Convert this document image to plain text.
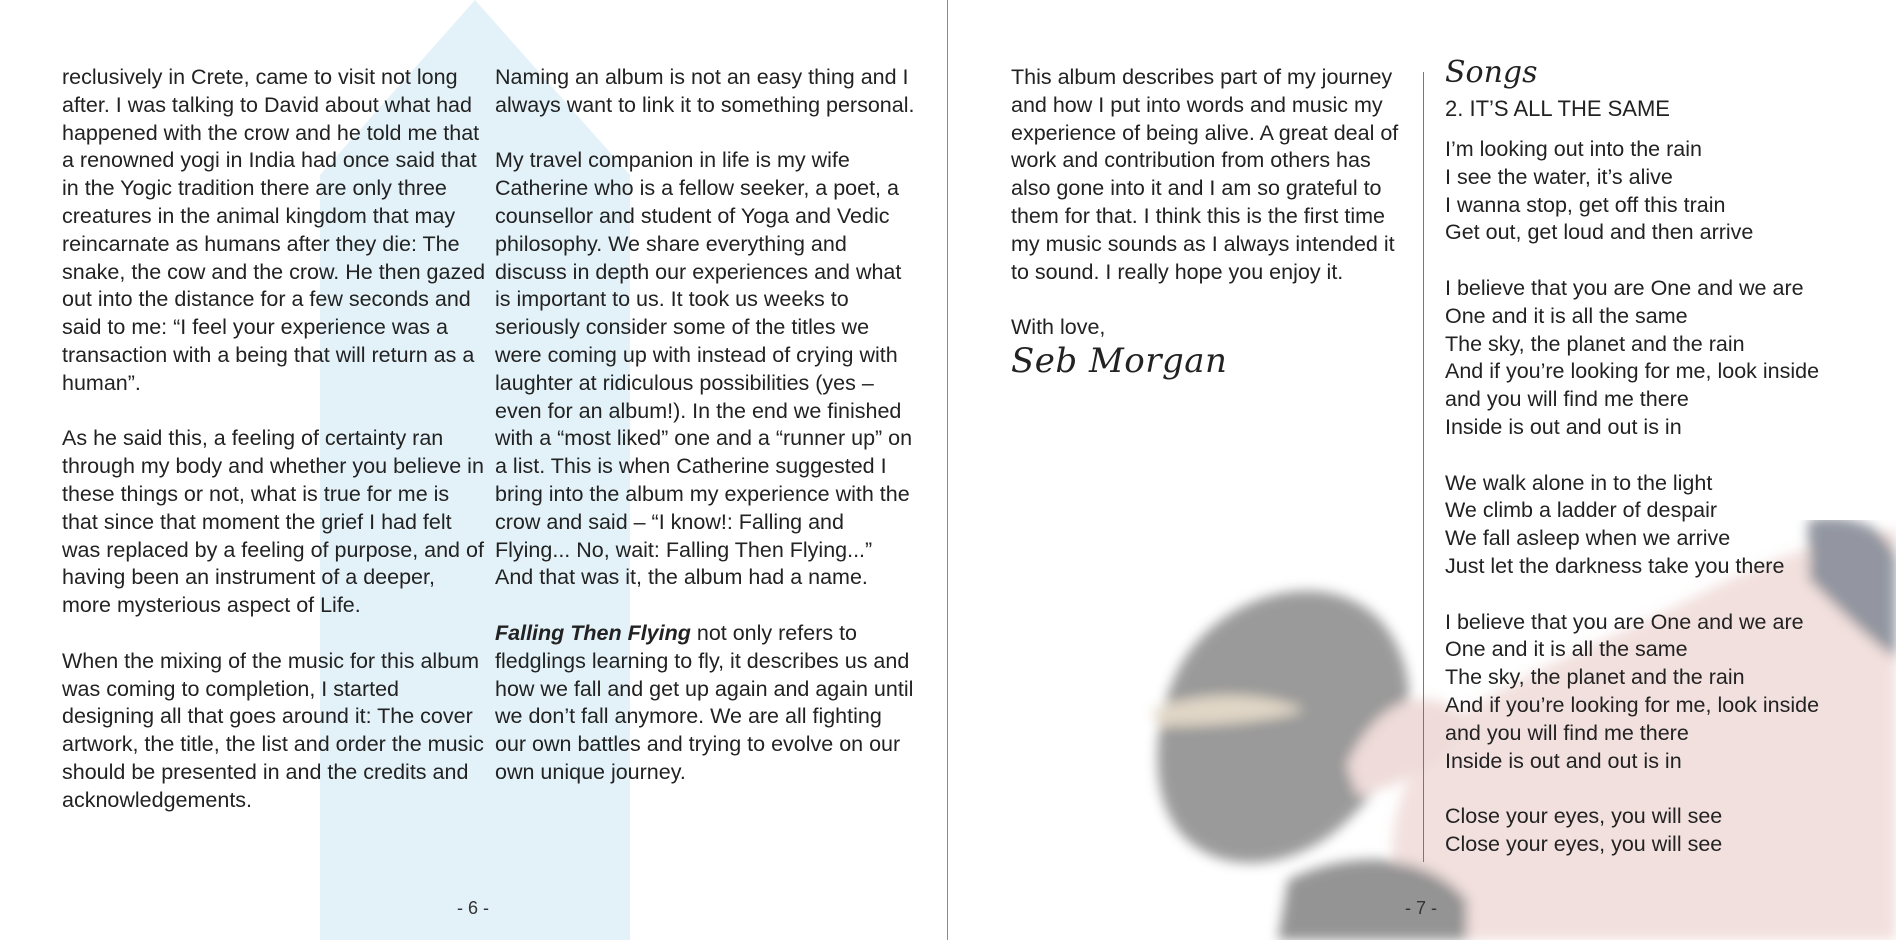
reclusively in Crete, came to visit not long after. I was talking to David about what had happened with the crow and he told me that a renowned yogi in India had once said that in the Yogic tradition there are only three creatures in the animal kingdom that may reincarnate as humans after they die: The snake, the cow and the crow. He then gazed out into the distance for a few seconds and said to me: “I feel your experience was a transaction with a being that will return as a human”.

As he said this, a feeling of certainty ran through my body and whether you believe in these things or not, what is true for me is that since that moment the grief I had felt was replaced by a feeling of purpose, and of having been an instrument of a deeper, more mysterious aspect of Life.

When the mixing of the music for this album was coming to completion, I started designing all that goes around it: The cover artwork, the title, the list and order the music should be presented in and the credits and acknowledgements.

Naming an album is not an easy thing and I always want to link it to something personal.

My travel companion in life is my wife Catherine who is a fellow seeker, a poet, a counsellor and student of Yoga and Vedic philosophy. We share everything and discuss in depth our experiences and what is important to us. It took us weeks to seriously consider some of the titles we were coming up with instead of crying with laughter at ridiculous possibilities (yes – even for an album!). In the end we finished with a “most liked” one and a “runner up” on a list. This is when Catherine suggested I bring into the album my experience with the crow and said – “I know!: Falling and Flying... No, wait: Falling Then Flying...” And that was it, the album had a name.

Falling Then Flying not only refers to fledglings learning to fly, it describes us and how we fall and get up again and again until we don’t fall anymore. We are all fighting our own battles and trying to evolve on our own unique journey.

- 6 -

This album describes part of my journey and how I put into words and music my experience of being alive. A great deal of work and contribution from others has also gone into it and I am so grateful to them for that. I think this is the first time my music sounds as I always intended it to sound. I really hope you enjoy it.

With love,

Seb Morgan
Songs
2. IT’S ALL THE SAME
I’m looking out into the rain
I see the water, it’s alive
I wanna stop, get off this train
Get out, get loud and then arrive
I believe that you are One and we are
One and it is all the same
The sky, the planet and the rain
And if you’re looking for me, look inside
and you will find me there
Inside is out and out is in
We walk alone in to the light
We climb a ladder of despair
We fall asleep when we arrive
Just let the darkness take you there
I believe that you are One and we are
One and it is all the same
The sky, the planet and the rain
And if you’re looking for me, look inside
and you will find me there
Inside is out and out is in
Close your eyes, you will see
Close your eyes, you will see
- 7 -
